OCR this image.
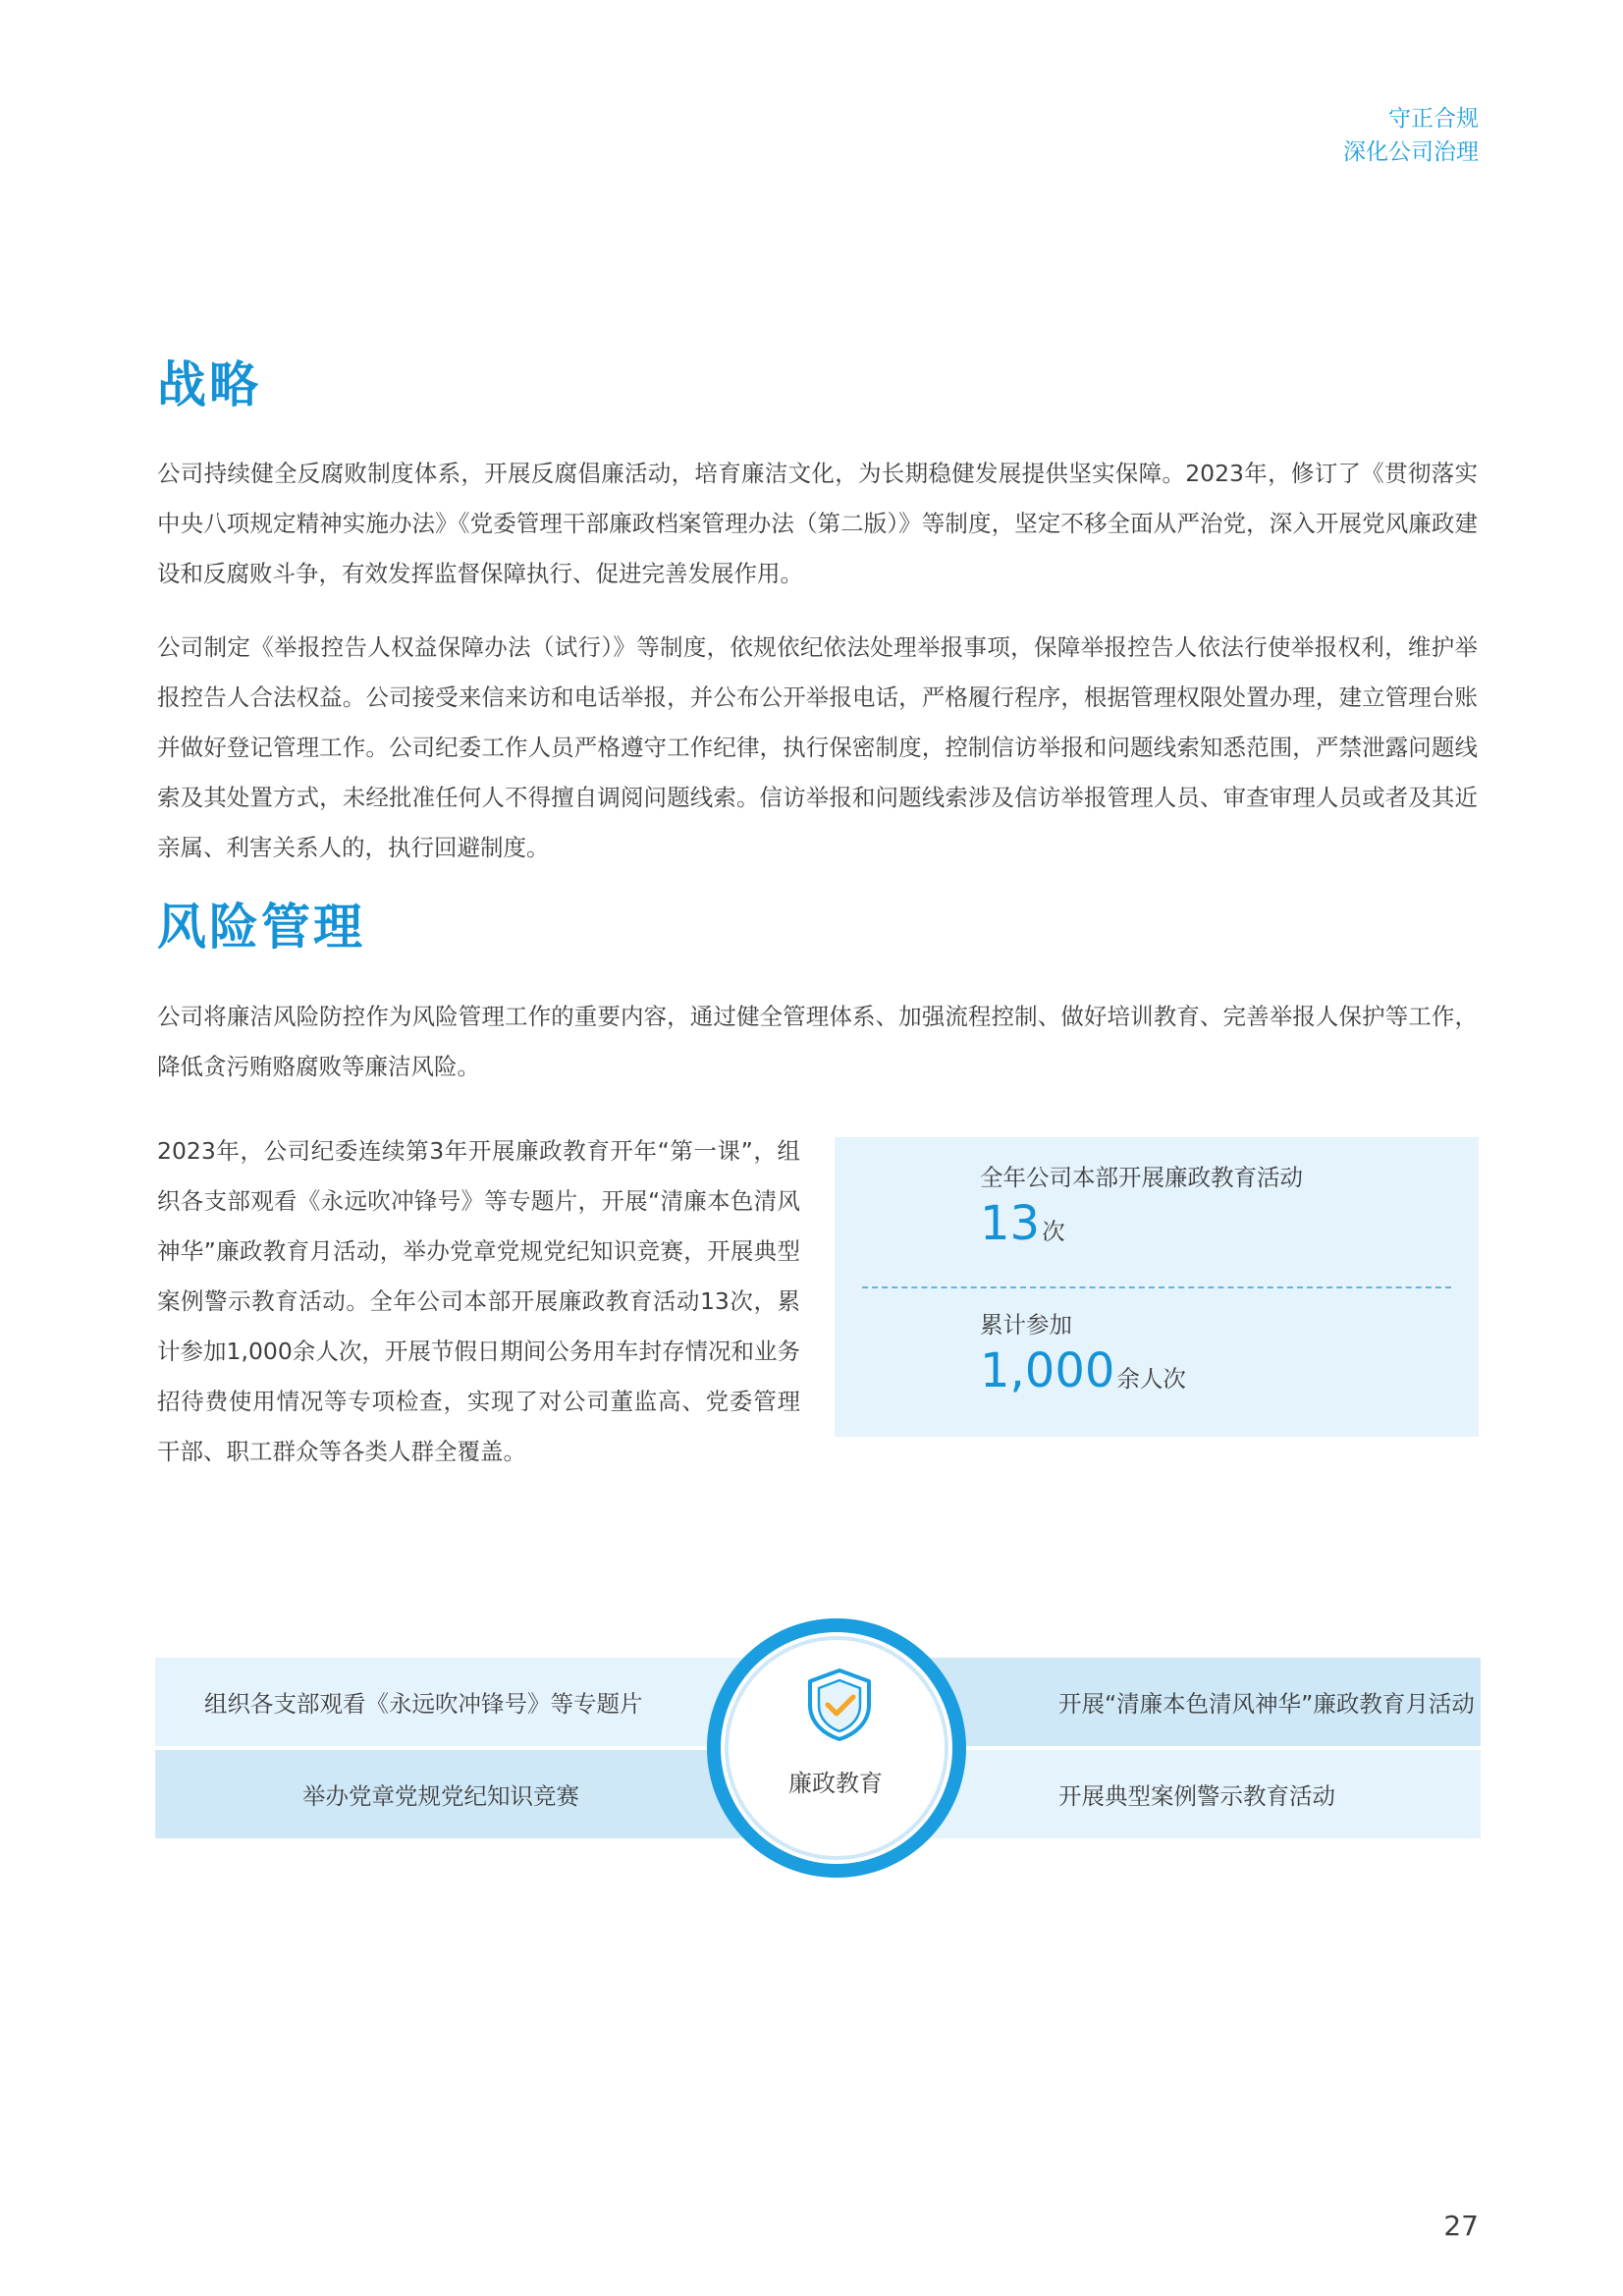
守正合规
深化公司治理
战略

公司持续健全反腐败制度体系，开展反腐倡廉活动，培育廉洁文化，为长期稳健发展提供坚实保障。2023年，修订了《贯彻落实中央八项规定精神实施办法》《党委管理干部廉政档案管理办法（第二版）》等制度，坚定不移全面从严治党，深入开展党风廉政建设和反腐败斗争，有效发挥监督保障执行、促进完善发展作用。

公司制定《举报控告人权益保障办法（试行）》等制度，依规依纪依法处理举报事项，保障举报控告人依法行使举报权利，维护举报控告人合法权益。公司接受来信来访和电话举报，并公布公开举报电话，严格履行程序，根据管理权限处置办理，建立管理台账并做好登记管理工作。公司纪委工作人员严格遵守工作纪律，执行保密制度，控制信访举报和问题线索知悉范围，严禁泄露问题线索及其处置方式，未经批准任何人不得擅自调阅问题线索。信访举报和问题线索涉及信访举报管理人员、审查审理人员或者及其近亲属、利害关系人的，执行回避制度。

风险管理

公司将廉洁风险防控作为风险管理工作的重要内容，通过健全管理体系、加强流程控制、做好培训教育、完善举报人保护等工作，降低贪污贿赂腐败等廉洁风险。

2023年，公司纪委连续第3年开展廉政教育开年“第一课”，组织各支部观看《永远吹冲锋号》等专题片，开展“清廉本色清风神华”廉政教育月活动，举办党章党规党纪知识竞赛，开展典型案例警示教育活动。全年公司本部开展廉政教育活动13次，累计参加1,000余人次，开展节假日期间公务用车封存情况和业务招待费使用情况等专项检查，实现了对公司董监高、党委管理干部、职工群众等各类人群全覆盖。

全年公司本部开展廉政教育活动
13 次
累计参加
1,000 余人次
组织各支部观看《永远吹冲锋号》等专题片
举办党章党规党纪知识竞赛
开展“清廉本色清风神华”廉政教育月活动
开展典型案例警示教育活动
廉政教育
27
